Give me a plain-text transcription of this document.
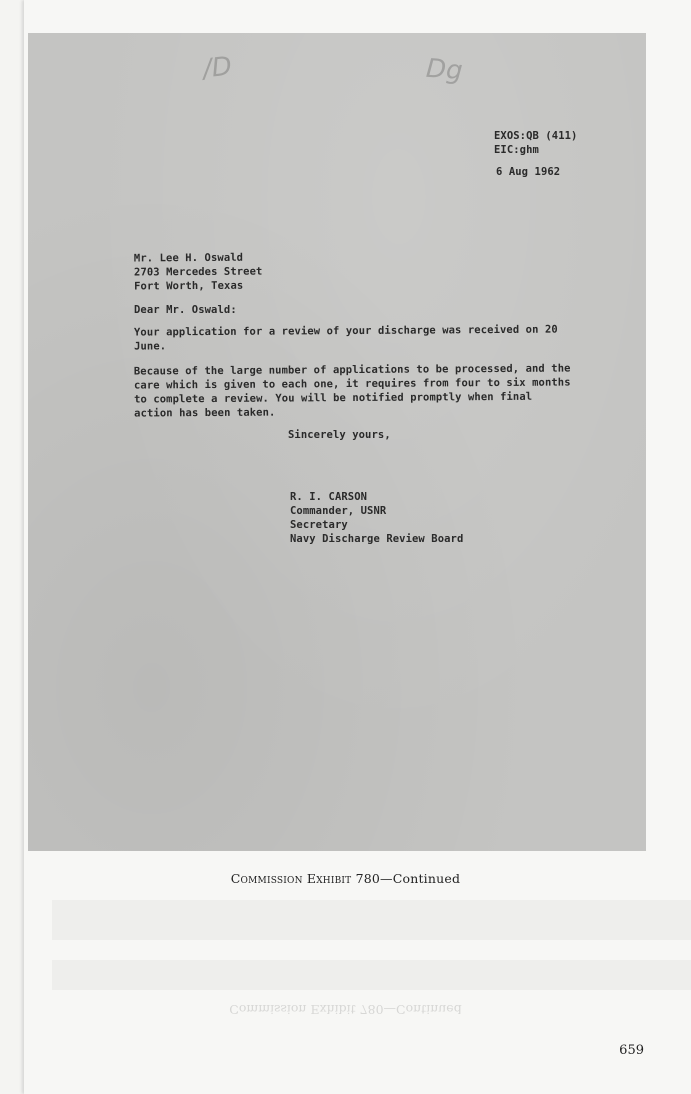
/D	Dg
EXOS:QB (411)
EIC:ghm
6 Aug 1962
Mr. Lee H. Oswald
2703 Mercedes Street
Fort Worth, Texas
Dear Mr. Oswald:
Your application for a review of your discharge was received on 20 June.
Because of the large number of applications to be processed, and the care which is given to each one, it requires from four to six months to complete a review. You will be notified promptly when final action has been taken.
Sincerely yours,
R. I. CARSON
Commander, USNR
Secretary
Navy Discharge Review Board
Commission Exhibit 780—Continued
Commission Exhibit 780—Continued
659
